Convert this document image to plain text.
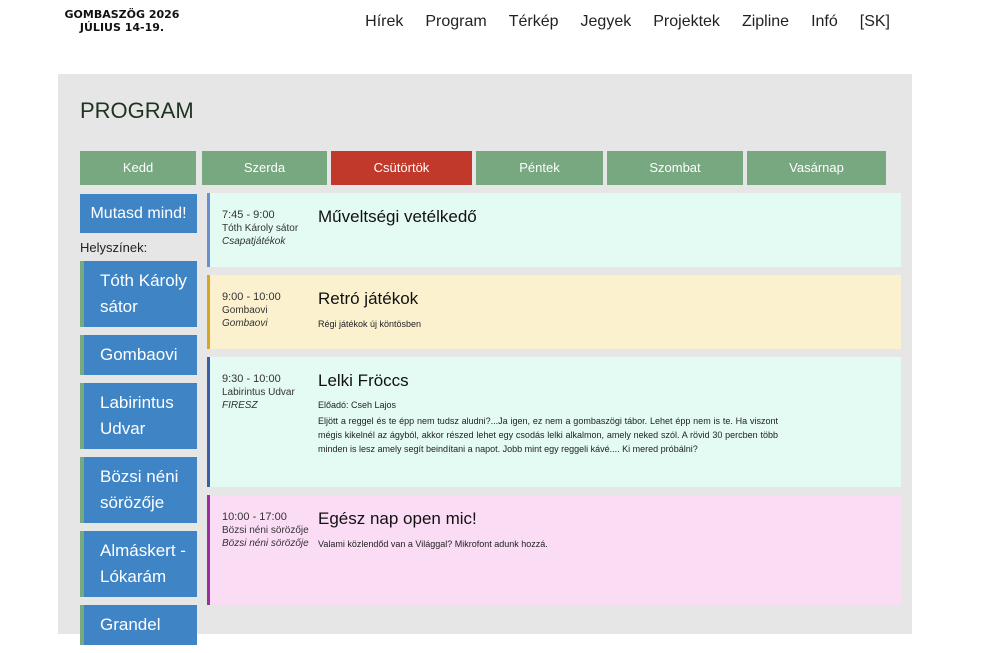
GOMBASZÖG 2026
JÚLIUS 14-19.	Hírek Program Térkép Jegyek Projektek Zipline Infó [SK]
PROGRAM
Kedd	Szerda	Csütörtök	Péntek	Szombat	Vasárnap
Mutasd mind!
Helyszínek:
Tóth Károly sátor
Gombaovi
Labirintus Udvar
Bözsi néni sörözője
Almáskert - Lókarám
Grandel
7:45 - 9:00
Tóth Károly sátor
Csapatjátékok
Műveltségi vetélkedő
9:00 - 10:00
Gombaovi
Gombaovi
Retró játékok
Régi játékok új köntösben
9:30 - 10:00
Labirintus Udvar
FIRESZ
Lelki Fröccs
Előadó: Cseh Lajos
Eljött a reggel és te épp nem tudsz aludni?...Ja igen, ez nem a gombaszögi tábor. Lehet épp nem is te. Ha viszont mégis kikelnél az ágyból, akkor részed lehet egy csodás lelki alkalmon, amely neked szól. A rövid 30 percben több minden is lesz amely segít beindítani a napot. Jobb mint egy reggeli kávé.... Ki mered próbálni?
10:00 - 17:00
Bözsi néni sörözője
Bözsi néni sörözője
Egész nap open mic!
Valami közlendőd van a Világgal? Mikrofont adunk hozzá.
